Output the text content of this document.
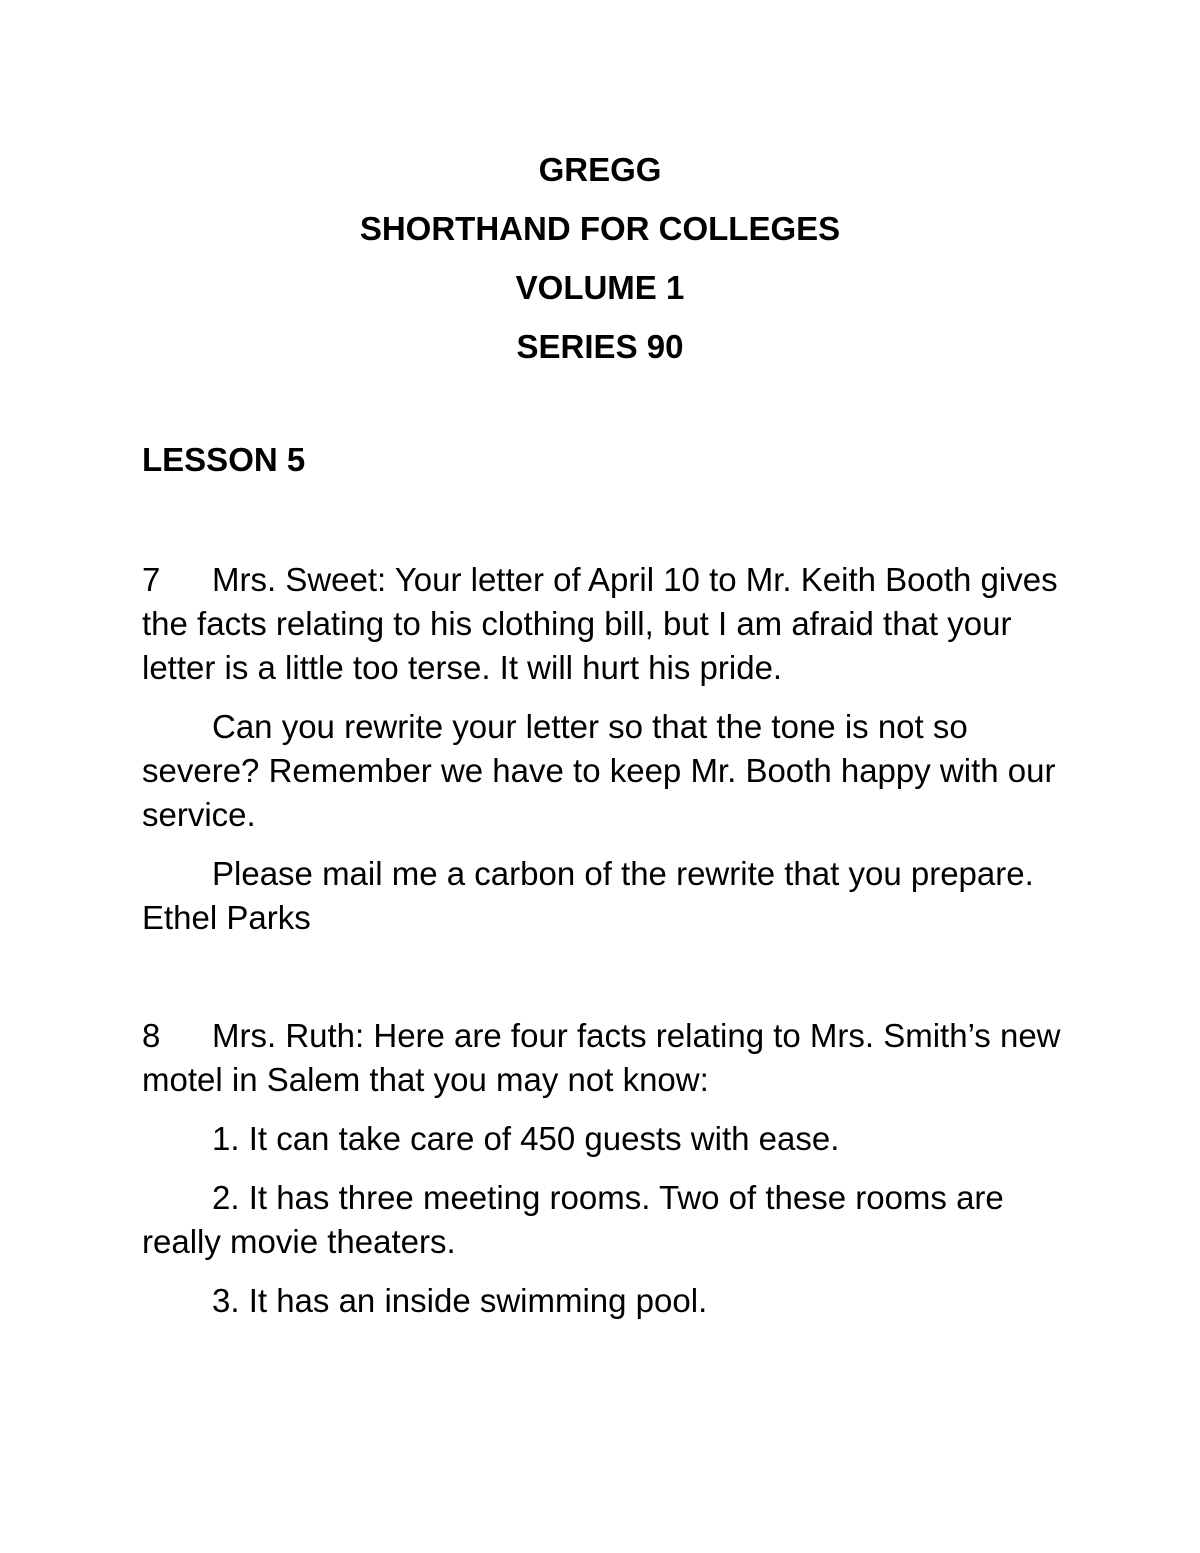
GREGG
SHORTHAND FOR COLLEGES
VOLUME 1
SERIES 90
LESSON 5

7 Mrs. Sweet: Your letter of April 10 to Mr. Keith Booth gives the facts relating to his clothing bill, but I am afraid that your letter is a little too terse. It will hurt his pride.

Can you rewrite your letter so that the tone is not so severe? Remember we have to keep Mr. Booth happy with our service.

Please mail me a carbon of the rewrite that you prepare. Ethel Parks

8 Mrs. Ruth: Here are four facts relating to Mrs. Smith’s new motel in Salem that you may not know:

1. It can take care of 450 guests with ease.

2. It has three meeting rooms. Two of these rooms are really movie theaters.

3. It has an inside swimming pool.
